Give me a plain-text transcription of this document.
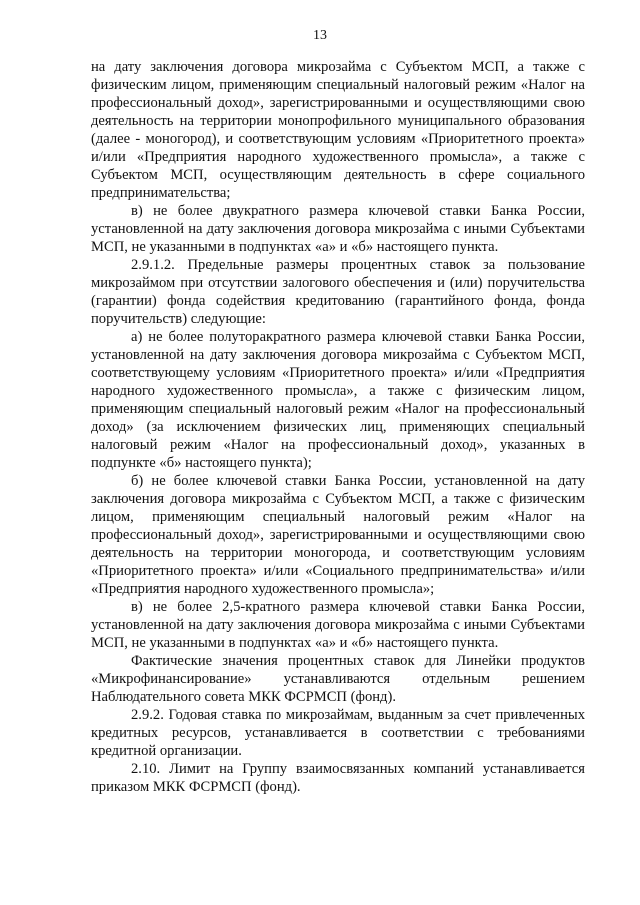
13

на дату заключения договора микрозайма с Субъектом МСП, а также с физическим лицом, применяющим специальный налоговый режим «Налог на профессиональный доход», зарегистрированными и осуществляющими свою деятельность на территории монопрофильного муниципального образования (далее - моногород), и соответствующим условиям «Приоритетного проекта» и/или «Предприятия народного художественного промысла», а также с Субъектом МСП, осуществляющим деятельность в сфере социального предпринимательства;

в) не более двукратного размера ключевой ставки Банка России, установленной на дату заключения договора микрозайма с иными Субъектами МСП, не указанными в подпунктах «а» и «б» настоящего пункта.

2.9.1.2. Предельные размеры процентных ставок за пользование микрозаймом при отсутствии залогового обеспечения и (или) поручительства (гарантии) фонда содействия кредитованию (гарантийного фонда, фонда поручительств) следующие:

а) не более полуторакратного размера ключевой ставки Банка России, установленной на дату заключения договора микрозайма с Субъектом МСП, соответствующему условиям «Приоритетного проекта» и/или «Предприятия народного художественного промысла», а также с физическим лицом, применяющим специальный налоговый режим «Налог на профессиональный доход» (за исключением физических лиц, применяющих специальный налоговый режим «Налог на профессиональный доход», указанных в подпункте «б» настоящего пункта);

б) не более ключевой ставки Банка России, установленной на дату заключения договора микрозайма с Субъектом МСП, а также с физическим лицом, применяющим специальный налоговый режим «Налог на профессиональный доход», зарегистрированными и осуществляющими свою деятельность на территории моногорода, и соответствующим условиям «Приоритетного проекта» и/или «Социального предпринимательства» и/или «Предприятия народного художественного промысла»;

в) не более 2,5-кратного размера ключевой ставки Банка России, установленной на дату заключения договора микрозайма с иными Субъектами МСП, не указанными в подпунктах «а» и «б» настоящего пункта.

Фактические значения процентных ставок для Линейки продуктов «Микрофинансирование» устанавливаются отдельным решением Наблюдательного совета МКК ФСРМСП (фонд).

2.9.2. Годовая ставка по микрозаймам, выданным за счет привлеченных кредитных ресурсов, устанавливается в соответствии с требованиями кредитной организации.

2.10. Лимит на Группу взаимосвязанных компаний устанавливается приказом МКК ФСРМСП (фонд).
